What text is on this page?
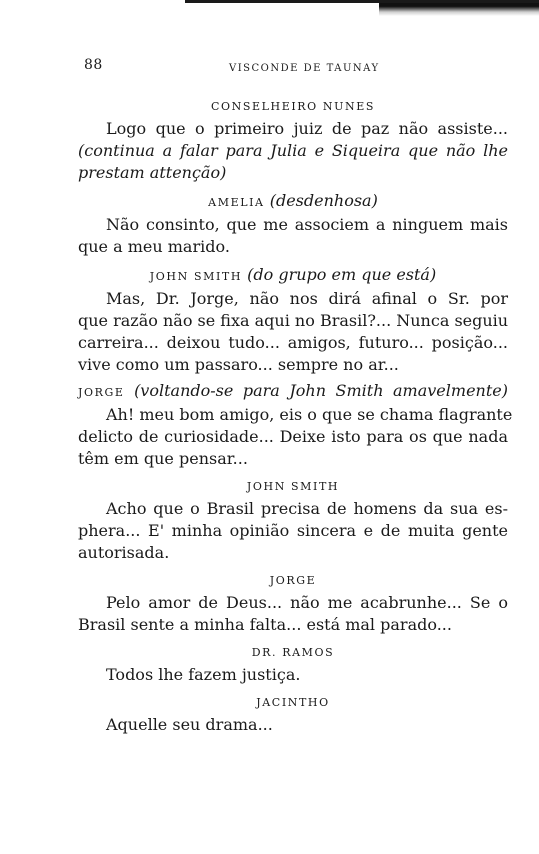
88	VISCONDE DE TAUNAY

CONSELHEIRO NUNES

Logo que o primeiro juiz de paz não assiste...

(continua a falar para Julia e Siqueira que não lhe

prestam attenção)

AMELIA (desdenhosa)

Não consinto, que me associem a ninguem mais

que a meu marido.

JOHN SMITH (do grupo em que está)

Mas, Dr. Jorge, não nos dirá afinal o Sr. por

que razão não se fixa aqui no Brasil?... Nunca seguiu

carreira... deixou tudo... amigos, futuro... posição...

vive como um passaro... sempre no ar...

JORGE (voltando-se para John Smith amavelmente)

Ah! meu bom amigo, eis o que se chama flagrante

delicto de curiosidade... Deixe isto para os que nada

têm em que pensar...

JOHN SMITH

Acho que o Brasil precisa de homens da sua es-

phera... E' minha opinião sincera e de muita gente

autorisada.

JORGE

Pelo amor de Deus... não me acabrunhe... Se o

Brasil sente a minha falta... está mal parado...

DR. RAMOS

Todos lhe fazem justiça.

JACINTHO

Aquelle seu drama...
